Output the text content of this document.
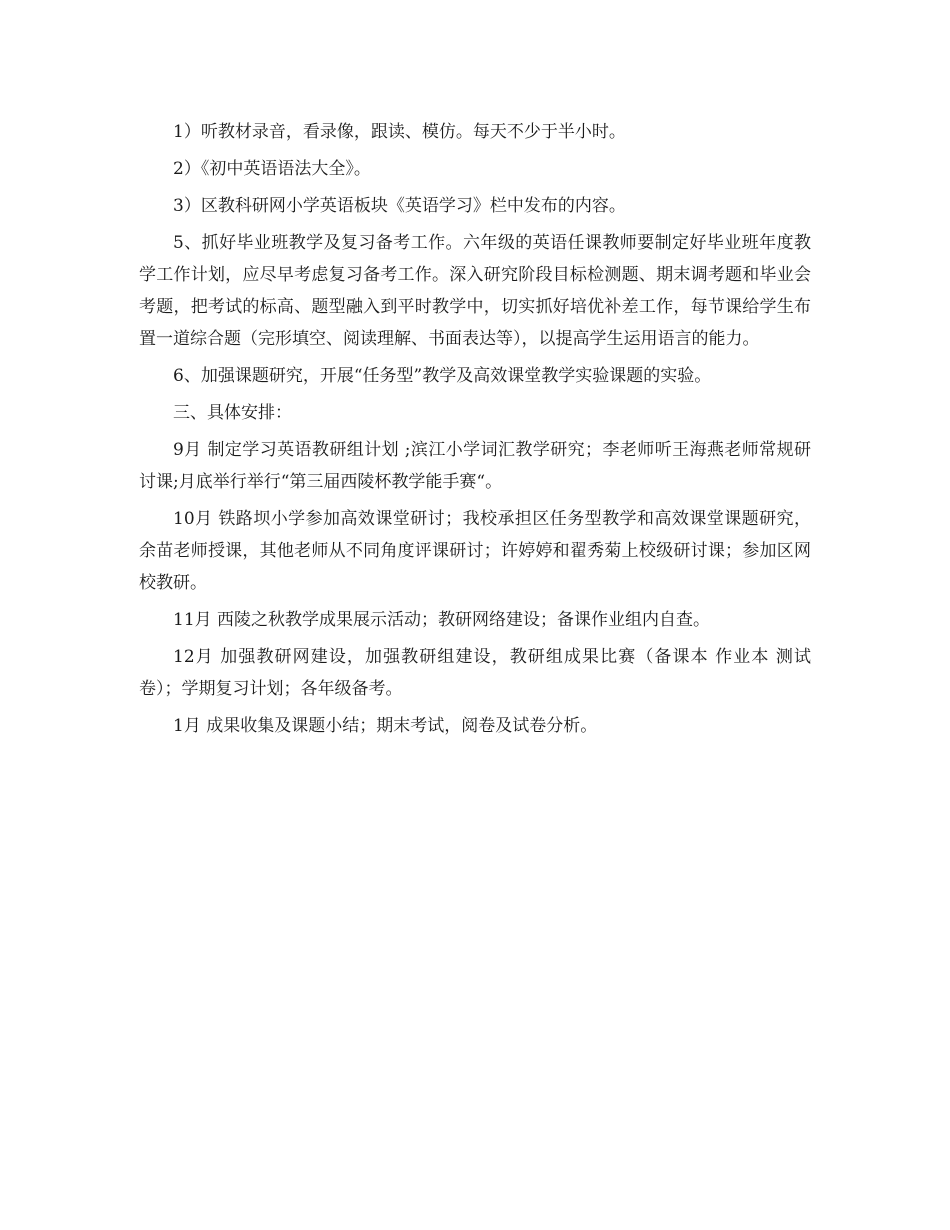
1）听教材录音，看录像，跟读、模仿。每天不少于半小时。

2）《初中英语语法大全》。

3）区教科研网小学英语板块《英语学习》栏中发布的内容。

5、抓好毕业班教学及复习备考工作。六年级的英语任课教师要制定好毕业班年度教学工作计划，应尽早考虑复习备考工作。深入研究阶段目标检测题、期末调考题和毕业会考题，把考试的标高、题型融入到平时教学中，切实抓好培优补差工作，每节课给学生布置一道综合题（完形填空、阅读理解、书面表达等），以提高学生运用语言的能力。

6、加强课题研究，开展“任务型”教学及高效课堂教学实验课题的实验。

三、具体安排：

9月 制定学习英语教研组计划 ;滨江小学词汇教学研究；李老师听王海燕老师常规研讨课;月底举行举行“第三届西陵杯教学能手赛“。

10月 铁路坝小学参加高效课堂研讨；我校承担区任务型教学和高效课堂课题研究，余苗老师授课，其他老师从不同角度评课研讨；许婷婷和翟秀菊上校级研讨课；参加区网校教研。

11月 西陵之秋教学成果展示活动；教研网络建设；备课作业组内自查。

12月 加强教研网建设，加强教研组建设，教研组成果比赛（备课本 作业本 测试卷）；学期复习计划；各年级备考。

1月 成果收集及课题小结；期末考试，阅卷及试卷分析。
